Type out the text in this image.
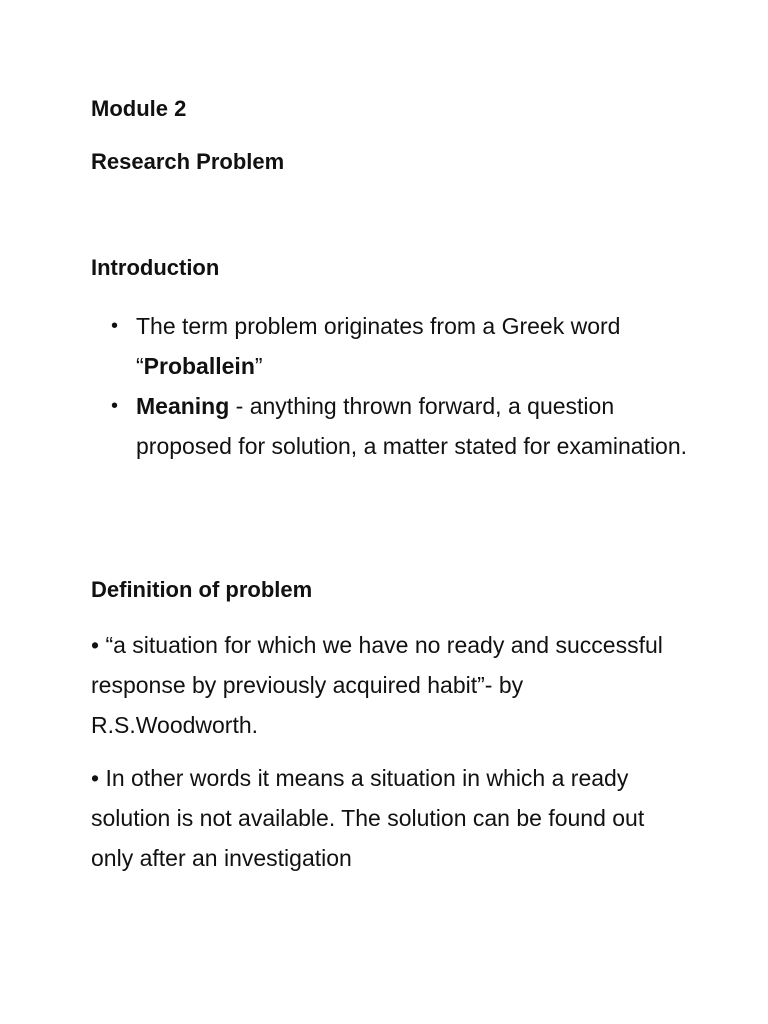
Module 2
Research Problem
Introduction
• The term problem originates from a Greek word “Proballein”
• Meaning - anything thrown forward, a question proposed for solution, a matter stated for examination.
Definition of problem

• “a situation for which we have no ready and successful response by previously acquired habit”- by R.S.Woodworth.

• In other words it means a situation in which a ready solution is not available. The solution can be found out only after an investigation
